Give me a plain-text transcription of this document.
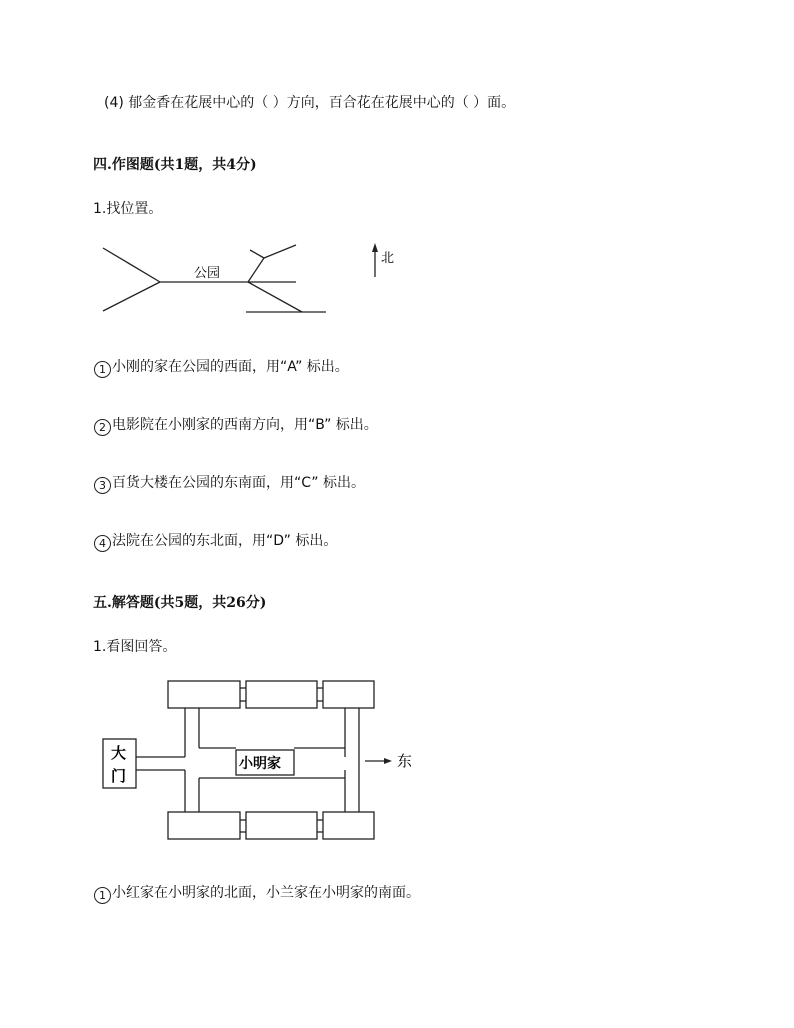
(4) 郁金香在花展中心的（ ）方向，百合花在花展中心的（ ）面。
四.作图题(共1题，共4分)
1.找位置。
公园
北
1 小刚的家在公园的西面，用“A” 标出。
2 电影院在小刚家的西南方向，用“B” 标出。
3 百货大楼在公园的东南面，用“C” 标出。
4 法院在公园的东北面，用“D” 标出。
五.解答题(共5题，共26分)
1.看图回答。
大
门
小明家	东
1 小红家在小明家的北面，小兰家在小明家的南面。
